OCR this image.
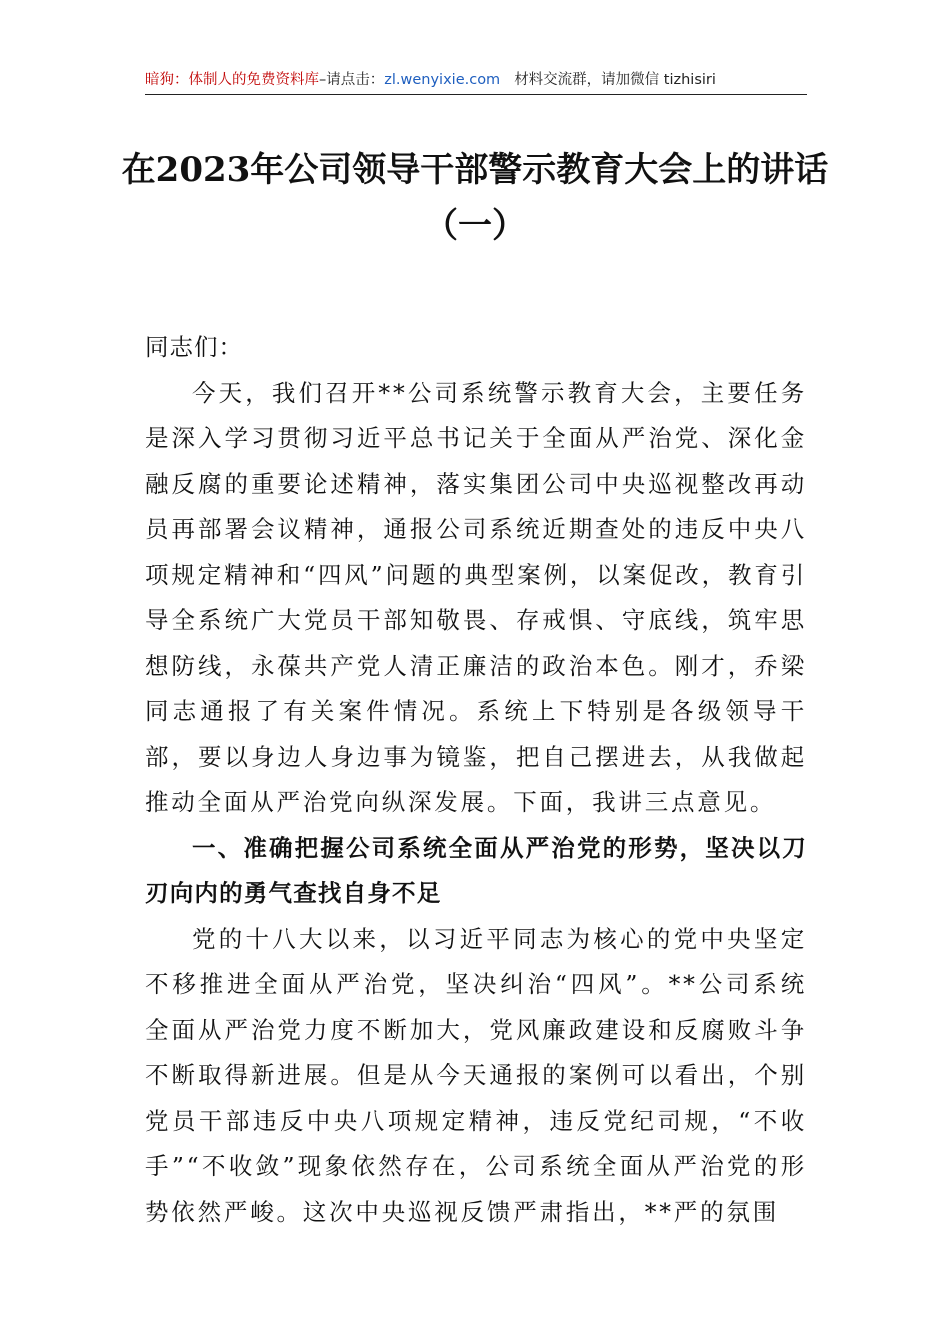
暗狗：体制人的免费资料库–请点击：zl.wenyixie.com 材料交流群，请加微信 tizhisiri
在2023年公司领导干部警示教育大会上的讲话（一）

同志们：

今天，我们召开**公司系统警示教育大会，主要任务是深入学习贯彻习近平总书记关于全面从严治党、深化金融反腐的重要论述精神，落实集团公司中央巡视整改再动员再部署会议精神，通报公司系统近期查处的违反中央八项规定精神和“四风”问题的典型案例，以案促改，教育引导全系统广大党员干部知敬畏、存戒惧、守底线，筑牢思想防线，永葆共产党人清正廉洁的政治本色。刚才，乔梁同志通报了有关案件情况。系统上下特别是各级领导干部，要以身边人身边事为镜鉴，把自己摆进去，从我做起推动全面从严治党向纵深发展。下面，我讲三点意见。

一、准确把握公司系统全面从严治党的形势，坚决以刀刃向内的勇气查找自身不足

党的十八大以来，以习近平同志为核心的党中央坚定不移推进全面从严治党，坚决纠治“四风”。**公司系统全面从严治党力度不断加大，党风廉政建设和反腐败斗争不断取得新进展。但是从今天通报的案例可以看出，个别党员干部违反中央八项规定精神，违反党纪司规，“不收手”“不收敛”现象依然存在，公司系统全面从严治党的形势依然严峻。这次中央巡视反馈严肃指出，**严的氛围
